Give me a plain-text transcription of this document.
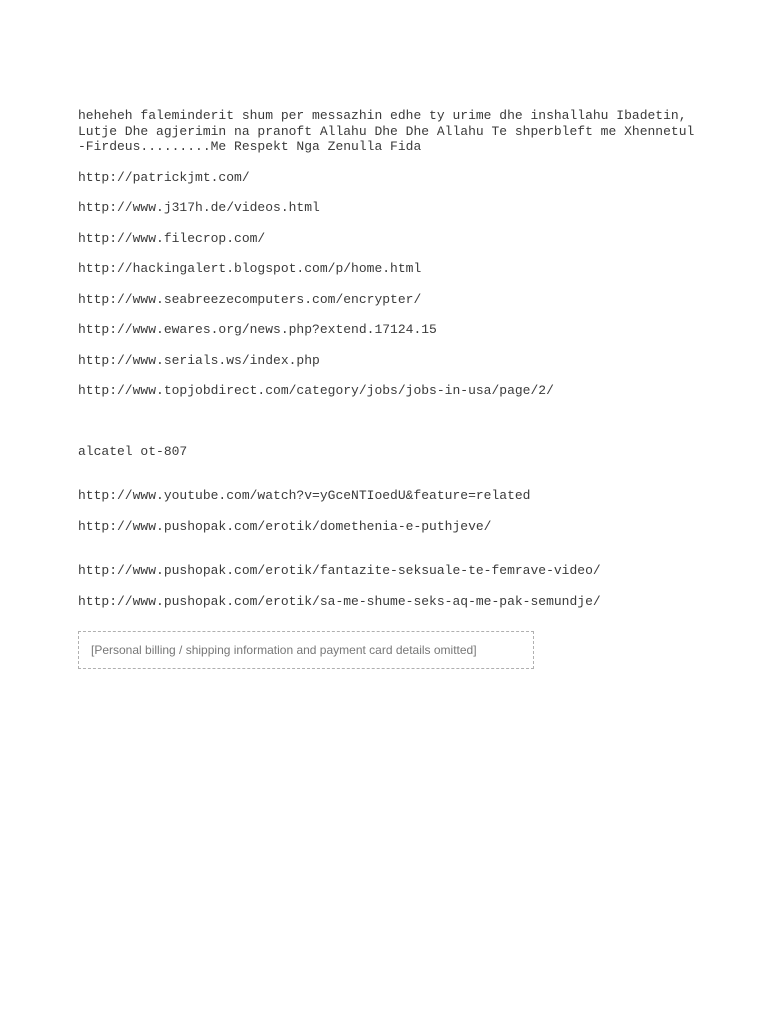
heheheh faleminderit shum per messazhin edhe ty urime dhe inshallahu Ibadetin, Lutje Dhe agjerimin na pranoft Allahu Dhe Dhe Allahu Te shperbleft me Xhennetul-Firdeus.........Me Respekt Nga Zenulla Fida

http://patrickjmt.com/
http://www.j317h.de/videos.html
http://www.filecrop.com/
http://hackingalert.blogspot.com/p/home.html
http://www.seabreezecomputers.com/encrypter/
http://www.ewares.org/news.php?extend.17124.15
http://www.serials.ws/index.php
http://www.topjobdirect.com/category/jobs/jobs-in-usa/page/2/

alcatel ot-807

http://www.youtube.com/watch?v=yGceNTIoedU&feature=related
http://www.pushopak.com/erotik/domethenia-e-puthjeve/
http://www.pushopak.com/erotik/fantazite-seksuale-te-femrave-video/
http://www.pushopak.com/erotik/sa-me-shume-seks-aq-me-pak-semundje/
[Personal billing / shipping information and payment card details omitted]
